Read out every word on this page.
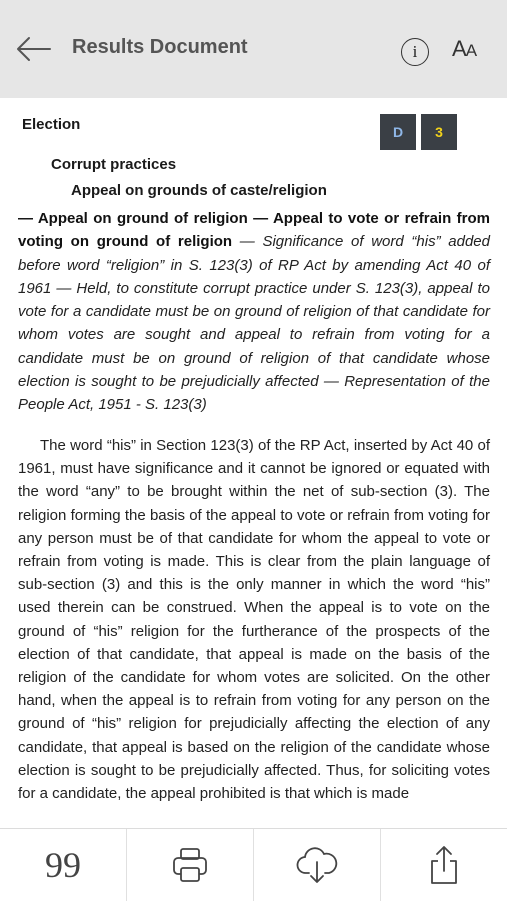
Results Document	i	AA
Election	D	3
Corrupt practices
Appeal on grounds of caste/religion
— Appeal on ground of religion — Appeal to vote or refrain from voting on ground of religion — Significance of word “his” added before word “religion” in S. 123(3) of RP Act by amending Act 40 of 1961 — Held, to constitute corrupt practice under S. 123(3), appeal to vote for a candidate must be on ground of religion of that candidate for whom votes are sought and appeal to refrain from voting for a candidate must be on ground of religion of that candidate whose election is sought to be prejudicially affected — Representation of the People Act, 1951 - S. 123(3)
The word “his” in Section 123(3) of the RP Act, inserted by Act 40 of 1961, must have significance and it cannot be ignored or equated with the word “any” to be brought within the net of sub-section (3). The religion forming the basis of the appeal to vote or refrain from voting for any person must be of that candidate for whom the appeal to vote or refrain from voting is made. This is clear from the plain language of sub-section (3) and this is the only manner in which the word “his” used therein can be construed. When the appeal is to vote on the ground of “his” religion for the furtherance of the prospects of the election of that candidate, that appeal is made on the basis of the religion of the candidate for whom votes are solicited. On the other hand, when the appeal is to refrain from voting for any person on the ground of “his” religion for prejudicially affecting the election of any candidate, that appeal is based on the religion of the candidate whose election is sought to be prejudicially affected. Thus, for soliciting votes for a candidate, the appeal prohibited is that which is made
99
